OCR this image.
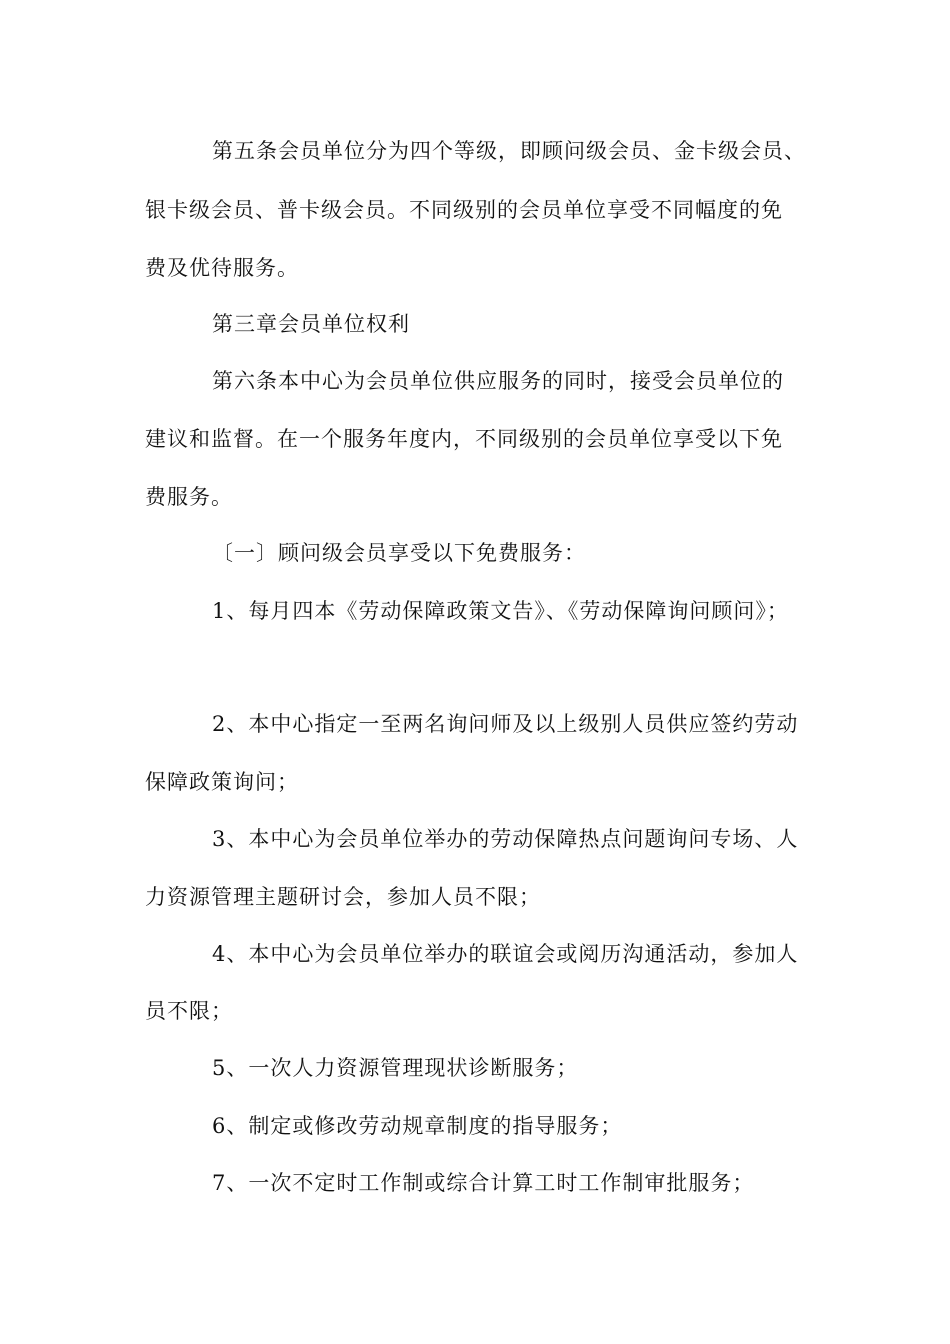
第五条会员单位分为四个等级，即顾问级会员、金卡级会员、
银卡级会员、普卡级会员。不同级别的会员单位享受不同幅度的免
费及优待服务。
第三章会员单位权利
第六条本中心为会员单位供应服务的同时，接受会员单位的
建议和监督。在一个服务年度内，不同级别的会员单位享受以下免
费服务。
〔一〕顾问级会员享受以下免费服务：
1、每月四本《劳动保障政策文告》、《劳动保障询问顾问》；
2、本中心指定一至两名询问师及以上级别人员供应签约劳动
保障政策询问；
3、本中心为会员单位举办的劳动保障热点问题询问专场、人
力资源管理主题研讨会，参加人员不限；
4、本中心为会员单位举办的联谊会或阅历沟通活动，参加人
员不限；
5、一次人力资源管理现状诊断服务；
6、制定或修改劳动规章制度的指导服务；
7、一次不定时工作制或综合计算工时工作制审批服务；
